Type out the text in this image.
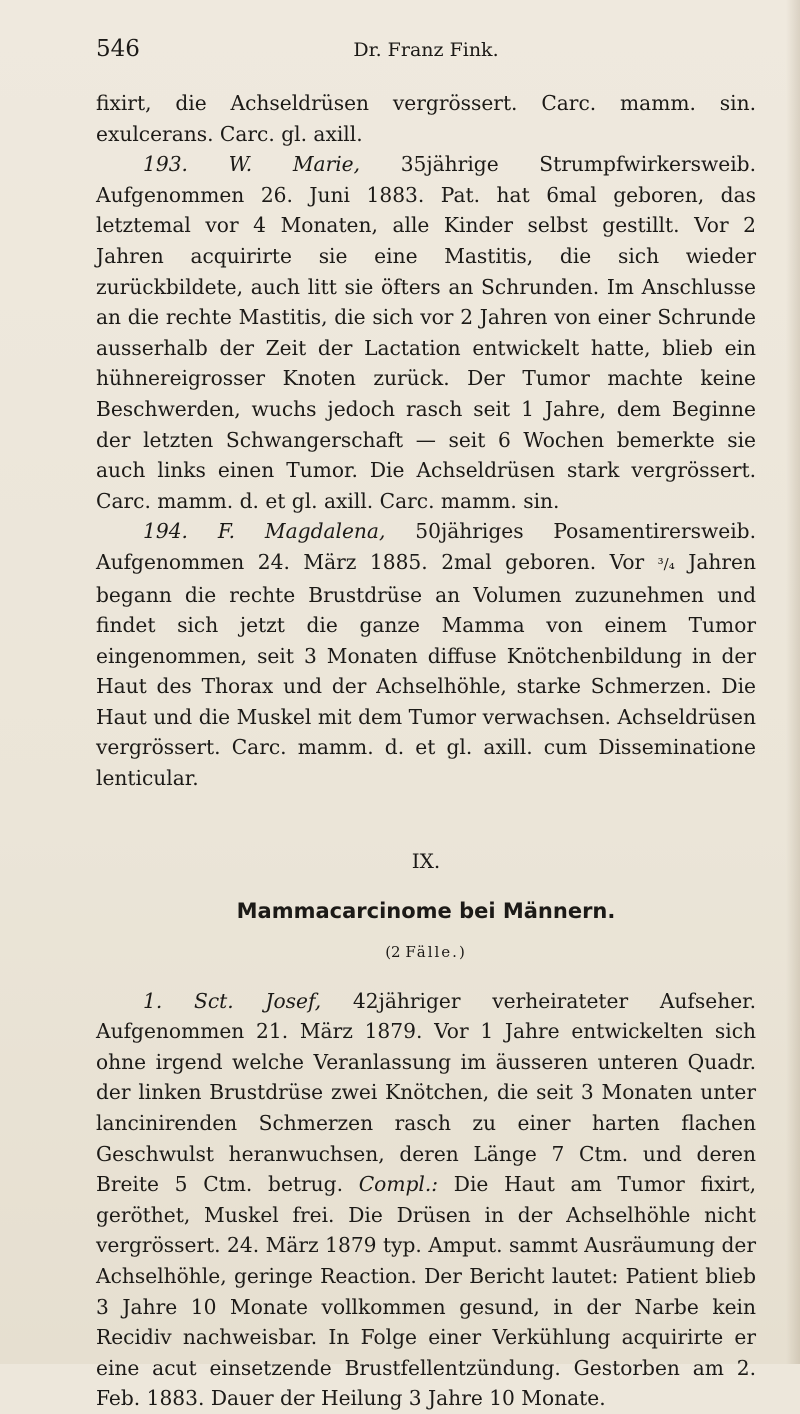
546	Dr. Franz Fink.

fixirt, die Achseldrüsen vergrössert. Carc. mamm. sin. exulcerans. Carc. gl. axill.

193. W. Marie, 35jährige Strumpfwirkersweib. Aufgenommen 26. Juni 1883. Pat. hat 6mal geboren, das letztemal vor 4 Monaten, alle Kinder selbst gestillt. Vor 2 Jahren acquirirte sie eine Mastitis, die sich wieder zurückbildete, auch litt sie öfters an Schrunden. Im Anschlusse an die rechte Mastitis, die sich vor 2 Jahren von einer Schrunde ausserhalb der Zeit der Lactation entwickelt hatte, blieb ein hühnereigrosser Knoten zurück. Der Tumor machte keine Beschwerden, wuchs jedoch rasch seit 1 Jahre, dem Beginne der letzten Schwangerschaft — seit 6 Wochen bemerkte sie auch links einen Tumor. Die Achseldrüsen stark vergrössert. Carc. mamm. d. et gl. axill. Carc. mamm. sin.

194. F. Magdalena, 50jähriges Posamentirersweib. Aufgenommen 24. März 1885. 2mal geboren. Vor ³/₄ Jahren begann die rechte Brustdrüse an Volumen zuzunehmen und findet sich jetzt die ganze Mamma von einem Tumor eingenommen, seit 3 Monaten diffuse Knötchenbildung in der Haut des Thorax und der Achselhöhle, starke Schmerzen. Die Haut und die Muskel mit dem Tumor verwachsen. Achseldrüsen vergrössert. Carc. mamm. d. et gl. axill. cum Disseminatione lenticular.

IX.
Mammacarcinome bei Männern.
(2 Fälle.)

1. Sct. Josef, 42jähriger verheirateter Aufseher. Aufgenommen 21. März 1879. Vor 1 Jahre entwickelten sich ohne irgend welche Veranlassung im äusseren unteren Quadr. der linken Brustdrüse zwei Knötchen, die seit 3 Monaten unter lancinirenden Schmerzen rasch zu einer harten flachen Geschwulst heranwuchsen, deren Länge 7 Ctm. und deren Breite 5 Ctm. betrug. Compl.: Die Haut am Tumor fixirt, geröthet, Muskel frei. Die Drüsen in der Achselhöhle nicht vergrössert. 24. März 1879 typ. Amput. sammt Ausräumung der Achselhöhle, geringe Reaction. Der Bericht lautet: Patient blieb 3 Jahre 10 Monate vollkommen gesund, in der Narbe kein Recidiv nachweisbar. In Folge einer Verkühlung acquirirte er eine acut einsetzende Brustfellentzündung. Gestorben am 2. Feb. 1883. Dauer der Heilung 3 Jahre 10 Monate.
